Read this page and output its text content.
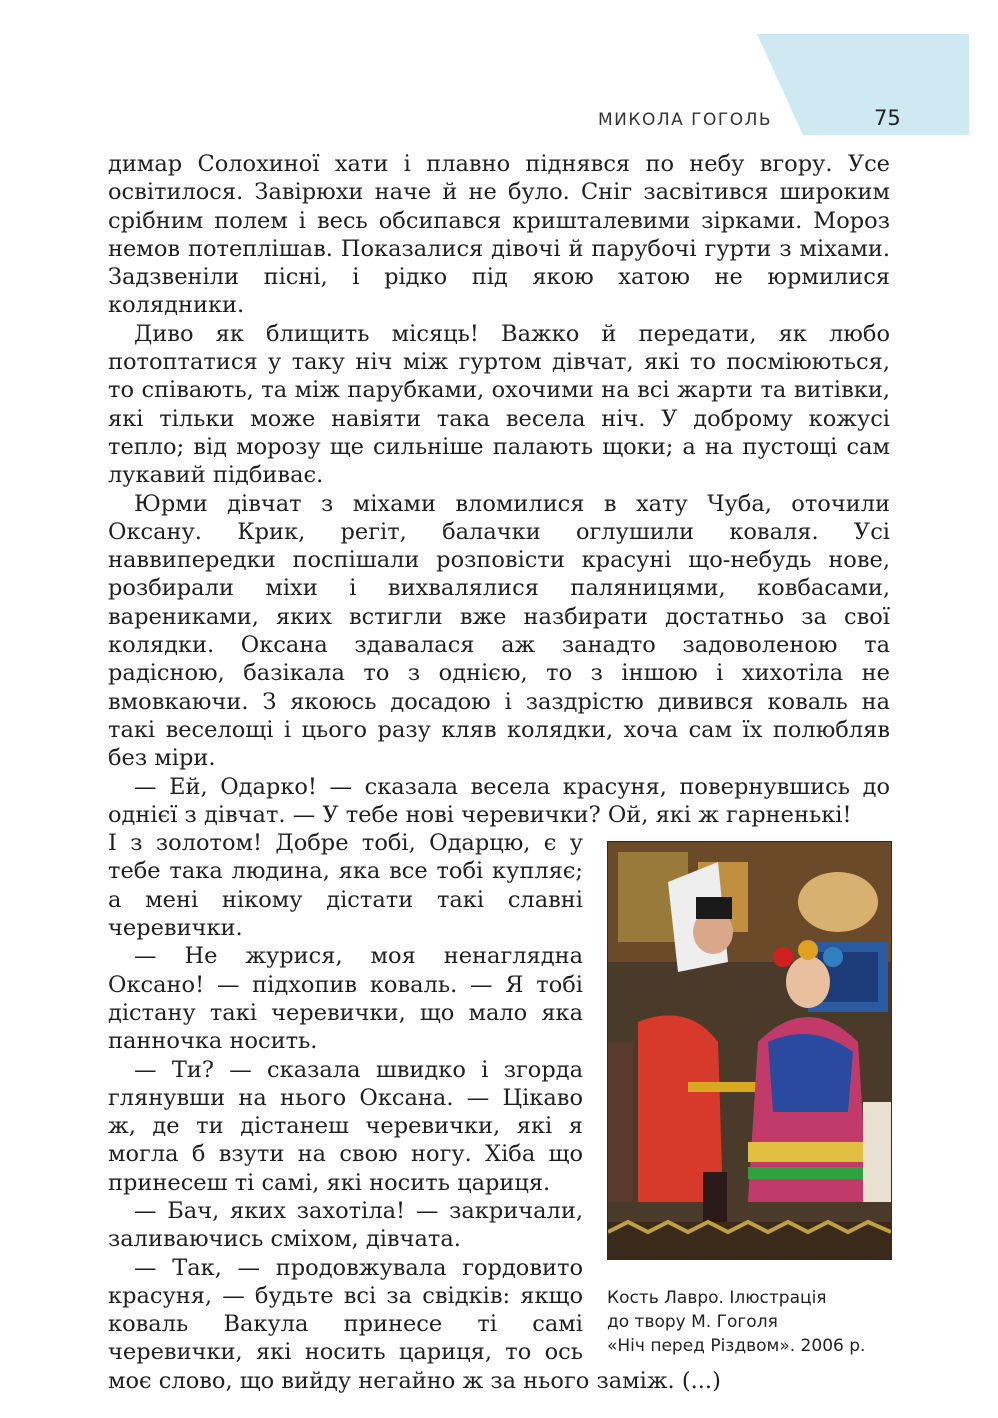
МИКОЛА ГОГОЛЬ	75

димар Солохиної хати і плавно піднявся по небу вгору. Усе освітилося. Завірюхи наче й не було. Сніг засвітився широким срібним полем і весь обсипався кришталевими зірками. Мороз немов потеплішав. Показалися дівочі й парубочі гурти з міхами. Задзвеніли пісні, і рідко під якою хатою не юрмилися колядники.

Диво як блищить місяць! Важко й передати, як любо потоптатися у таку ніч між гуртом дівчат, які то посміюються, то співають, та між парубками, охочими на всі жарти та витівки, які тільки може навіяти така весела ніч. У доброму кожусі тепло; від морозу ще сильніше палають щоки; а на пустощі сам лукавий підбиває.

Юрми дівчат з міхами вломилися в хату Чуба, оточили Оксану. Крик, регіт, балачки оглушили коваля. Усі наввипередки поспішали розповісти красуні що-небудь нове, розбирали міхи і вихвалялися паляницями, ковбасами, варениками, яких встигли вже назбирати достатньо за свої колядки. Оксана здавалася аж занадто задоволеною та радісною, базікала то з однією, то з іншою і хихотіла не вмовкаючи. З якоюсь досадою і заздрістю дивився коваль на такі веселощі і цього разу кляв колядки, хоча сам їх полюбляв без міри.

— Ей, Одарко! — сказала весела красуня, повернувшись до однієї з дівчат. — У тебе нові черевички? Ой, які ж гарненькі!

Кость Лавро. Ілюстрація
до твору М. Гоголя
«Ніч перед Різдвом». 2006 р.

І з золотом! Добре тобі, Одарцю, є у тебе така людина, яка все тобі купляє; а мені нікому дістати такі славні черевички.

— Не журися, моя ненаглядна Оксано! — підхопив коваль. — Я тобі дістану такі черевички, що мало яка панночка носить.

— Ти? — сказала швидко і згорда глянувши на нього Оксана. — Цікаво ж, де ти дістанеш черевички, які я могла б взути на свою ногу. Хіба що принесеш ті самі, які носить цариця.

— Бач, яких захотіла! — закричали, заливаючись сміхом, дівчата.

— Так, — продовжувала гордовито красуня, — будьте всі за свідків: якщо коваль Вакула принесе ті самі черевички, які носить цариця, то ось моє слово, що вийду негайно ж за нього заміж. (...)
